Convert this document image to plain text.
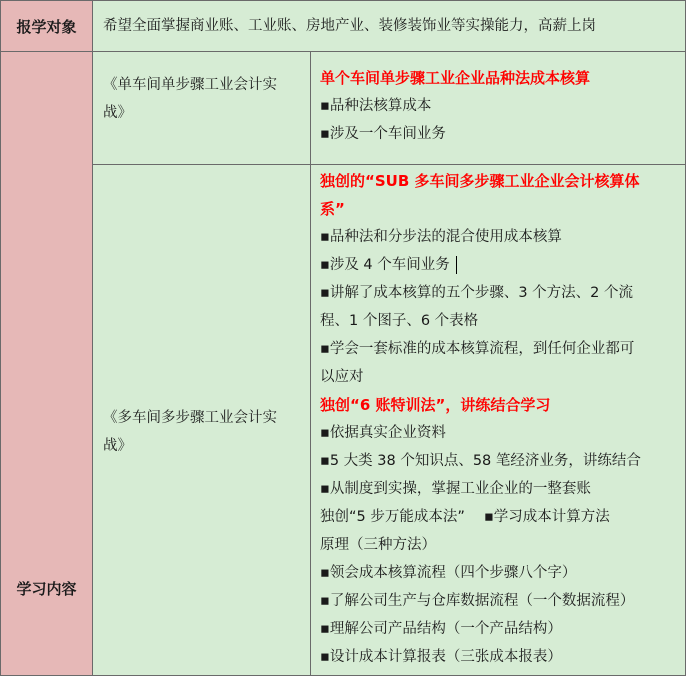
报学对象 希望全面掌握商业账、工业账、房地产业、装修装饰业等实操能力，高薪上岗
学习内容
《单车间单步骤工业会计实
战》
单个车间单步骤工业企业品种法成本核算
▪品种法核算成本
▪涉及一个车间业务
《多车间多步骤工业会计实
战》
独创的“SUB 多车间多步骤工业企业会计核算体
系”
▪品种法和分步法的混合使用成本核算
▪涉及 4 个车间业务
▪讲解了成本核算的五个步骤、3 个方法、2 个流
程、1 个图子、6 个表格
▪学会一套标准的成本核算流程，到任何企业都可
以应对
独创“6 账特训法”，讲练结合学习
▪依据真实企业资料
▪5 大类 38 个知识点、58 笔经济业务，讲练结合
▪从制度到实操，掌握工业企业的一整套账
独创“5 步万能成本法”　 ▪学习成本计算方法
原理（三种方法）
▪领会成本核算流程（四个步骤八个字）
▪了解公司生产与仓库数据流程（一个数据流程）
▪理解公司产品结构（一个产品结构）
▪设计成本计算报表（三张成本报表）
